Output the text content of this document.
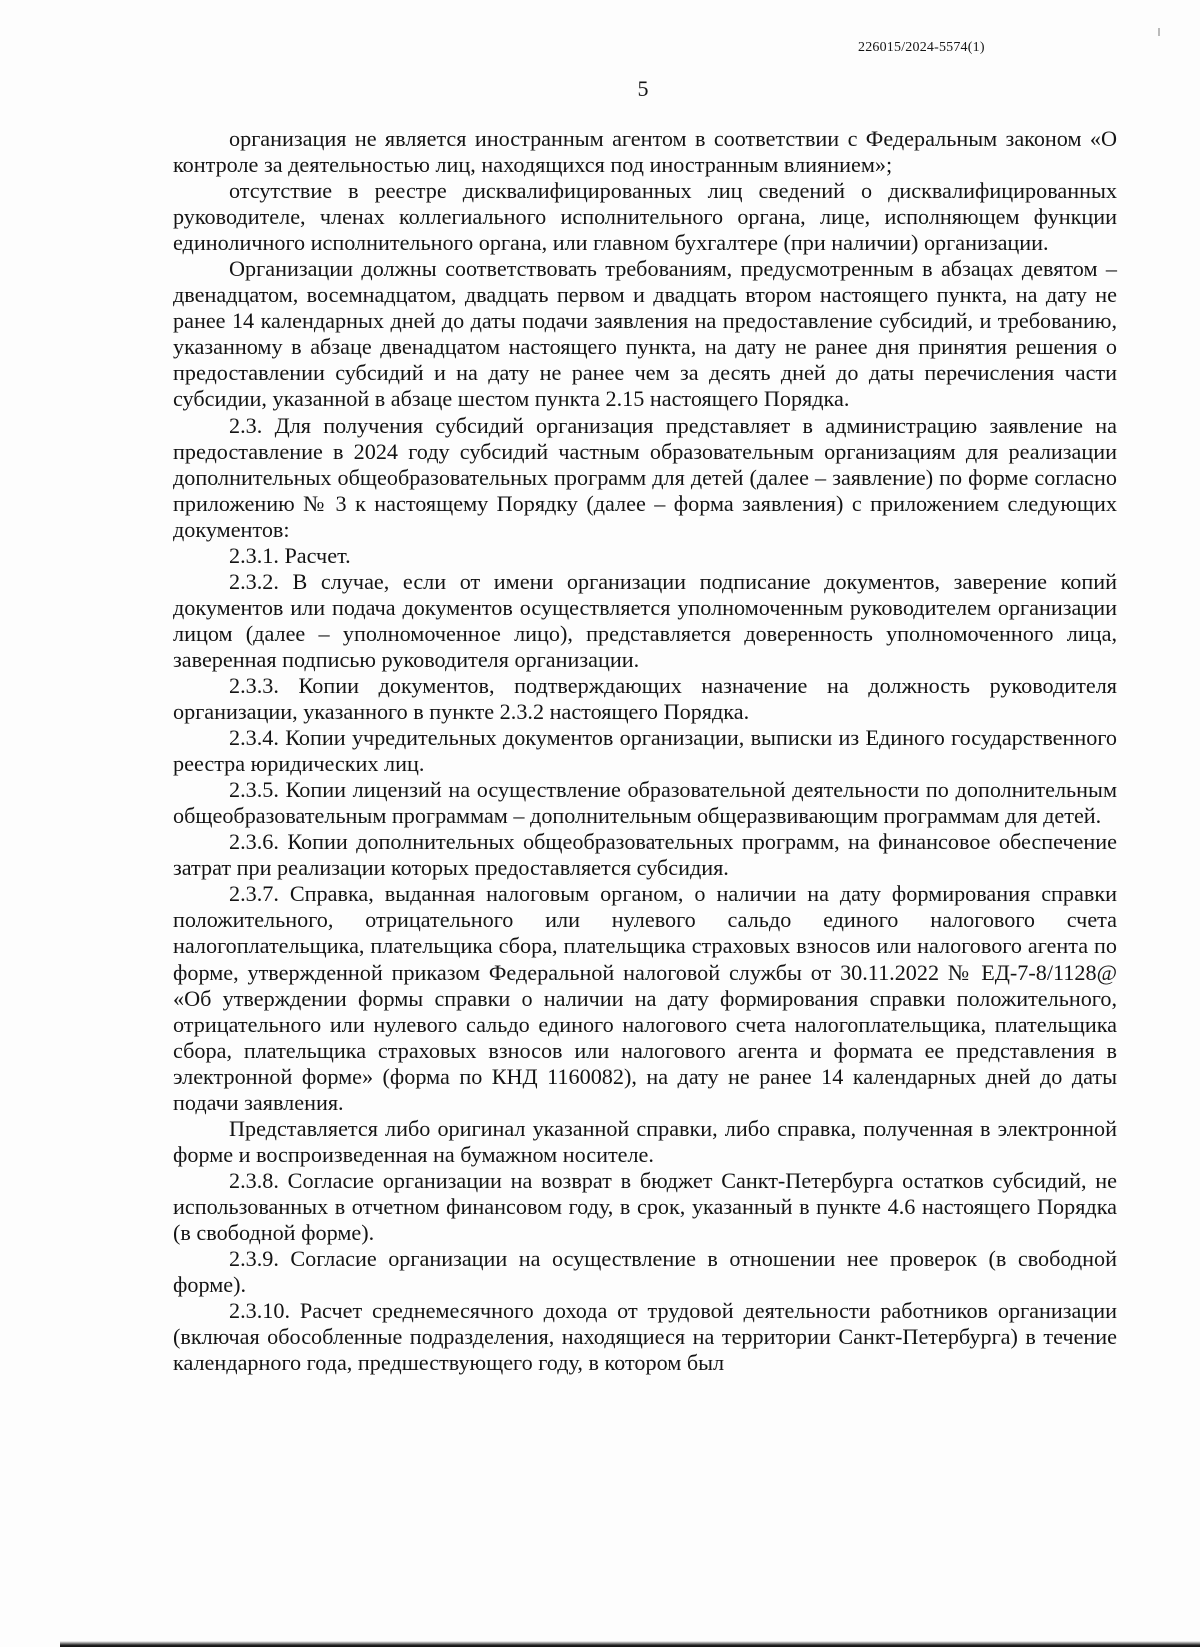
226015/2024-5574(1)
5

организация не является иностранным агентом в соответствии с Федеральным законом «О контроле за деятельностью лиц, находящихся под иностранным влиянием»;

отсутствие в реестре дисквалифицированных лиц сведений о дисквалифицированных руководителе, членах коллегиального исполнительного органа, лице, исполняющем функции единоличного исполнительного органа, или главном бухгалтере (при наличии) организации.

Организации должны соответствовать требованиям, предусмотренным в абзацах девятом – двенадцатом, восемнадцатом, двадцать первом и двадцать втором настоящего пункта, на дату не ранее 14 календарных дней до даты подачи заявления на предоставление субсидий, и требованию, указанному в абзаце двенадцатом настоящего пункта, на дату не ранее дня принятия решения о предоставлении субсидий и на дату не ранее чем за десять дней до даты перечисления части субсидии, указанной в абзаце шестом пункта 2.15 настоящего Порядка.

2.3. Для получения субсидий организация представляет в администрацию заявление на предоставление в 2024 году субсидий частным образовательным организациям для реализации дополнительных общеобразовательных программ для детей (далее – заявление) по форме согласно приложению № 3 к настоящему Порядку (далее – форма заявления) с приложением следующих документов:

2.3.1. Расчет.

2.3.2. В случае, если от имени организации подписание документов, заверение копий документов или подача документов осуществляется уполномоченным руководителем организации лицом (далее – уполномоченное лицо), представляется доверенность уполномоченного лица, заверенная подписью руководителя организации.

2.3.3. Копии документов, подтверждающих назначение на должность руководителя организации, указанного в пункте 2.3.2 настоящего Порядка.

2.3.4. Копии учредительных документов организации, выписки из Единого государственного реестра юридических лиц.

2.3.5. Копии лицензий на осуществление образовательной деятельности по дополнительным общеобразовательным программам – дополнительным общеразвивающим программам для детей.

2.3.6. Копии дополнительных общеобразовательных программ, на финансовое обеспечение затрат при реализации которых предоставляется субсидия.

2.3.7. Справка, выданная налоговым органом, о наличии на дату формирования справки положительного, отрицательного или нулевого сальдо единого налогового счета налогоплательщика, плательщика сбора, плательщика страховых взносов или налогового агента по форме, утвержденной приказом Федеральной налоговой службы от 30.11.2022 № ЕД-7-8/1128@ «Об утверждении формы справки о наличии на дату формирования справки положительного, отрицательного или нулевого сальдо единого налогового счета налогоплательщика, плательщика сбора, плательщика страховых взносов или налогового агента и формата ее представления в электронной форме» (форма по КНД 1160082), на дату не ранее 14 календарных дней до даты подачи заявления.

Представляется либо оригинал указанной справки, либо справка, полученная в электронной форме и воспроизведенная на бумажном носителе.

2.3.8. Согласие организации на возврат в бюджет Санкт-Петербурга остатков субсидий, не использованных в отчетном финансовом году, в срок, указанный в пункте 4.6 настоящего Порядка (в свободной форме).

2.3.9. Согласие организации на осуществление в отношении нее проверок (в свободной форме).

2.3.10. Расчет среднемесячного дохода от трудовой деятельности работников организации (включая обособленные подразделения, находящиеся на территории Санкт-Петербурга) в течение календарного года, предшествующего году, в котором был
